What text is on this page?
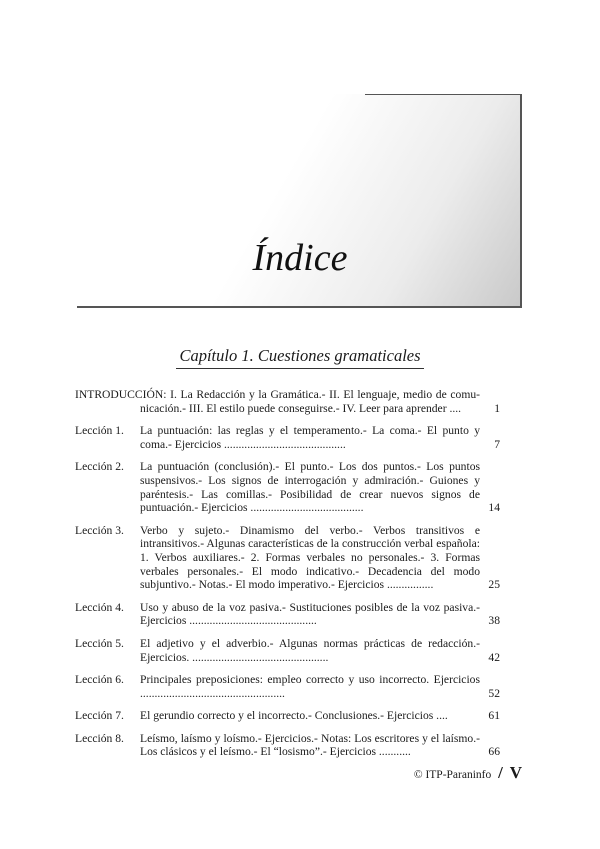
Índice
Capítulo 1. Cuestiones gramaticales
INTRODUCCIÓN: I. La Redacción y la Gramática.- II. El lenguaje, medio de comu-
nicación.- III. El estilo puede conseguirse.- IV. Leer para aprender ....	1
Lección 1. La puntuación: las reglas y el temperamento.- La coma.- El punto y coma.- Ejercicios ..........................................	7
Lección 2. La puntuación (conclusión).- El punto.- Los dos puntos.- Los puntos suspensivos.- Los signos de interrogación y admiración.- Guiones y paréntesis.- Las comillas.- Posibilidad de crear nuevos signos de puntuación.- Ejercicios .......................................	14
Lección 3. Verbo y sujeto.- Dinamismo del verbo.- Verbos transitivos e intransitivos.- Algunas características de la construcción verbal española: 1. Verbos auxiliares.- 2. Formas verbales no personales.- 3. Formas verbales personales.- El modo indicativo.- Decadencia del modo subjuntivo.- Notas.- El modo imperativo.- Ejercicios ................	25
Lección 4. Uso y abuso de la voz pasiva.- Sustituciones posibles de la voz pasiva.- Ejercicios ............................................	38
Lección 5. El adjetivo y el adverbio.- Algunas normas prácticas de redacción.- Ejercicios. ...............................................	42
Lección 6. Principales preposiciones: empleo correcto y uso incorrecto. Ejercicios ..................................................	52
Lección 7. El gerundio correcto y el incorrecto.- Conclusiones.- Ejercicios ....	61
Lección 8. Leísmo, laísmo y loísmo.- Ejercicios.- Notas: Los escritores y el laísmo.- Los clásicos y el leísmo.- El “losismo”.- Ejercicios ...........	66
© ITP-Paraninfo / V
